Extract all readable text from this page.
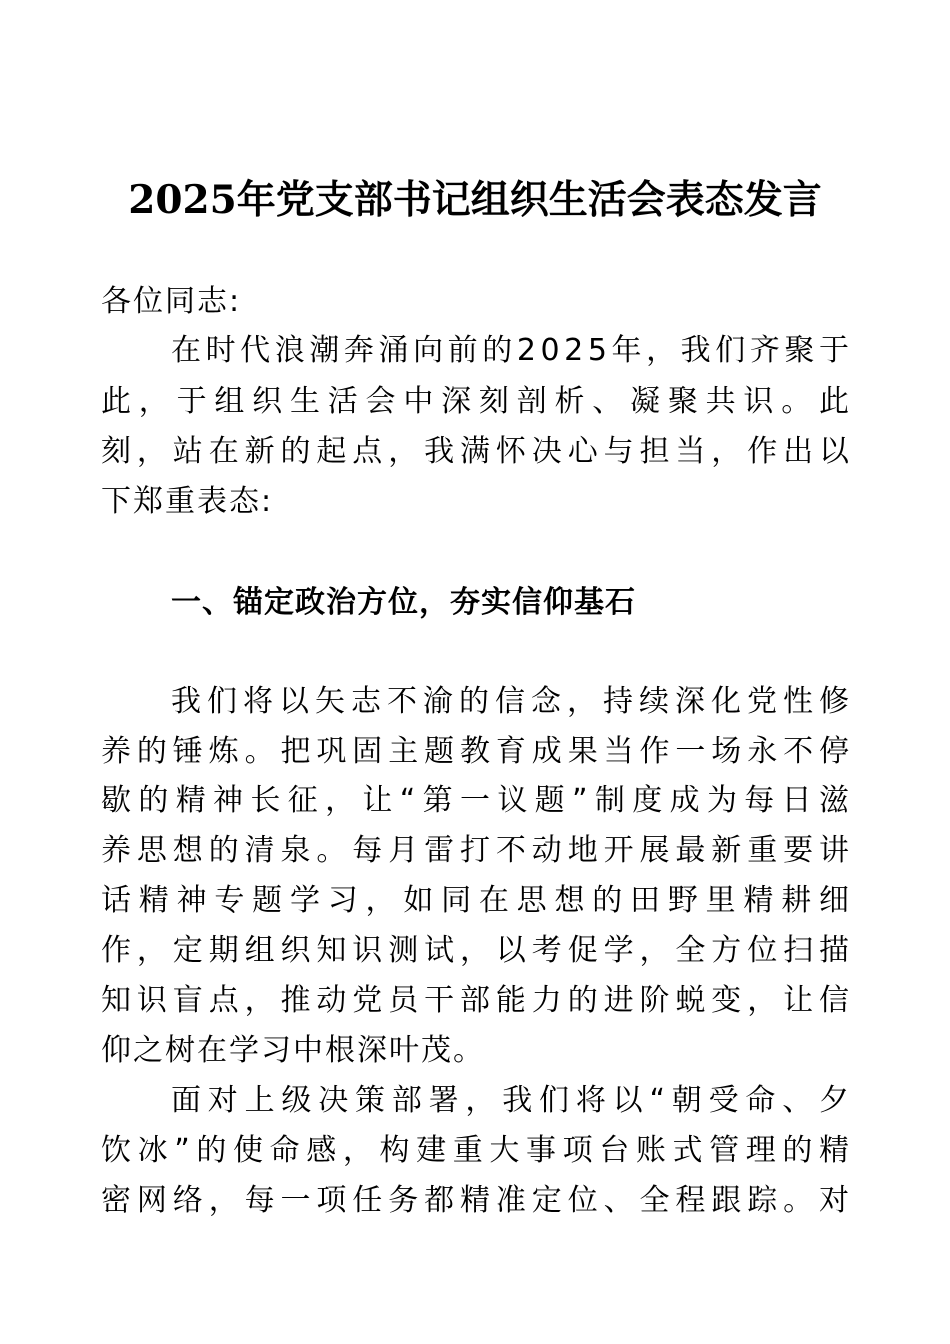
2025年党支部书记组织生活会表态发言
各位同志:
在时代浪潮奔涌向前的2025年，我们齐聚于
此，于组织生活会中深刻剖析、凝聚共识。此
刻，站在新的起点，我满怀决心与担当，作出以
下郑重表态:
一、锚定政治方位，夯实信仰基石
我们将以矢志不渝的信念，持续深化党性修
养的锤炼。把巩固主题教育成果当作一场永不停
歇的精神长征，让“第一议题”制度成为每日滋
养思想的清泉。每月雷打不动地开展最新重要讲
话精神专题学习，如同在思想的田野里精耕细
作，定期组织知识测试，以考促学，全方位扫描
知识盲点，推动党员干部能力的进阶蜕变，让信
仰之树在学习中根深叶茂。
面对上级决策部署，我们将以“朝受命、夕
饮冰”的使命感，构建重大事项台账式管理的精
密网络，每一项任务都精准定位、全程跟踪。对
